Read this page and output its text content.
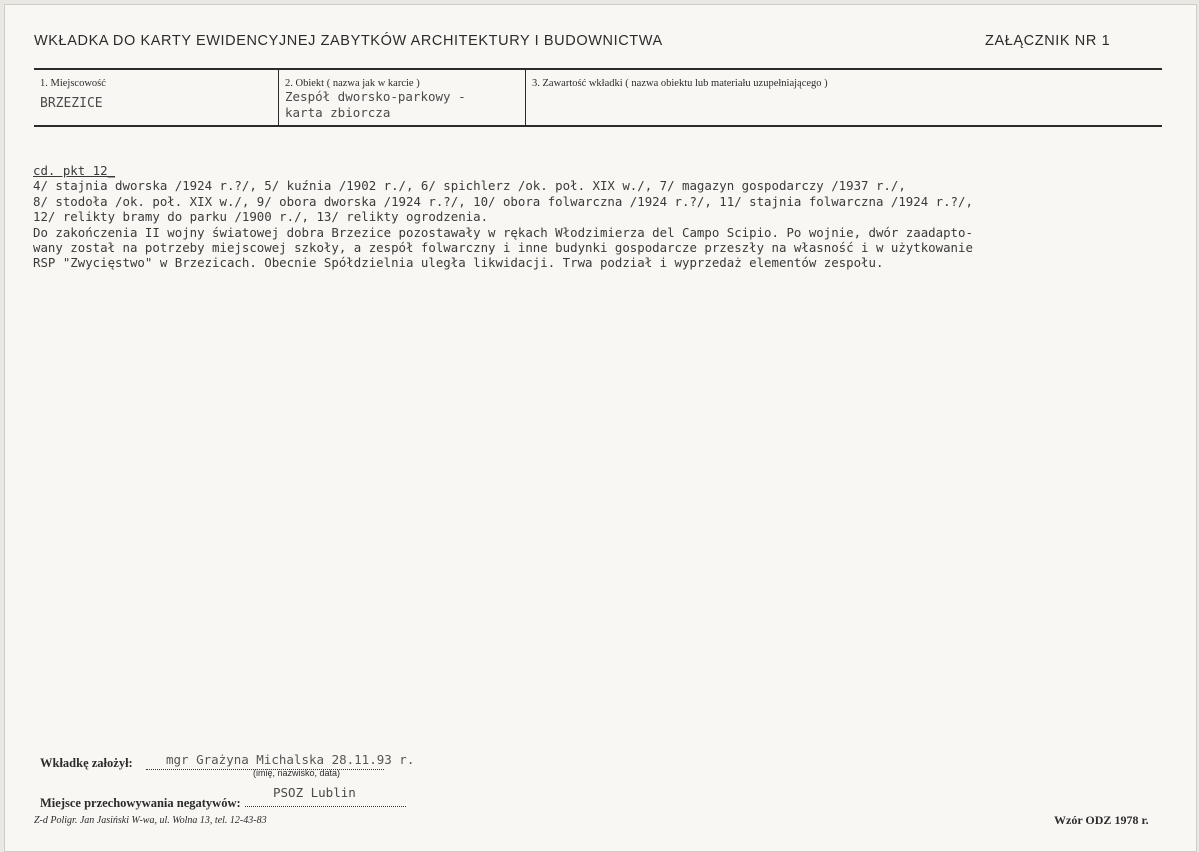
WKŁADKA DO KARTY EWIDENCYJNEJ ZABYTKÓW ARCHITEKTURY I BUDOWNICTWA	ZAŁĄCZNIK NR 1
1. Miejscowość
BRZEZICE
2. Obiekt ( nazwa jak w karcie )
Zespół dworsko-parkowy -
karta zbiorcza
3. Zawartość wkładki ( nazwa obiektu lub materiału uzupełniającego )
cd. pkt 12_
4/ stajnia dworska /1924 r.?/, 5/ kuźnia /1902 r./, 6/ spichlerz /ok. poł. XIX w./, 7/ magazyn gospodarczy /1937 r./,
8/ stodoła /ok. poł. XIX w./, 9/ obora dworska /1924 r.?/, 10/ obora folwarczna /1924 r.?/, 11/ stajnia folwarczna /1924 r.?/,
12/ relikty bramy do parku /1900 r./, 13/ relikty ogrodzenia.
Do zakończenia II wojny światowej dobra Brzezice pozostawały w rękach Włodzimierza del Campo Scipio. Po wojnie, dwór zaadapto-
wany został na potrzeby miejscowej szkoły, a zespół folwarczny i inne budynki gospodarcze przeszły na własność i w użytkowanie
RSP "Zwycięstwo" w Brzezicach. Obecnie Spółdzielnia uległa likwidacji. Trwa podział i wyprzedaż elementów zespołu.
Wkładkę założył:	mgr Grażyna Michalska 28.11.93 r.
(imię, nazwisko, data)
Miejsce przechowywania negatywów:
PSOZ Lublin
Z-d Poligr. Jan Jasiński W-wa, ul. Wolna 13, tel. 12-43-83	Wzór ODZ 1978 r.
